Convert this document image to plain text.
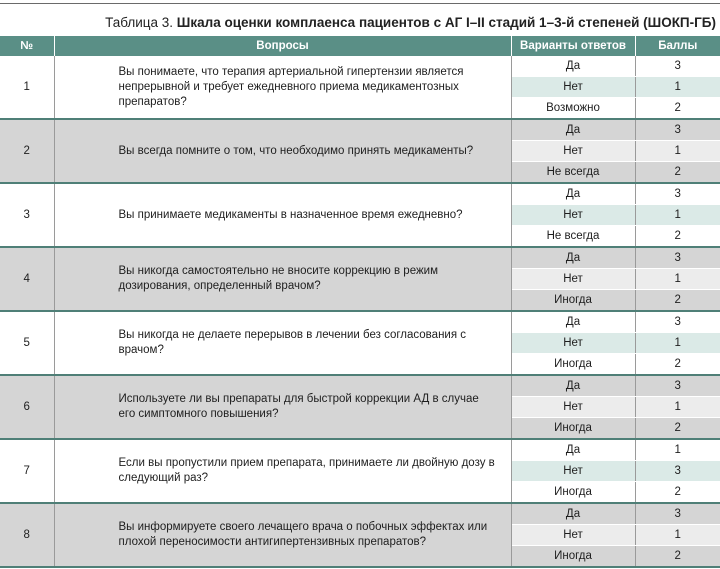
Таблица 3. Шкала оценки комплаенса пациентов с АГ I–II стадий 1–3-й степеней (ШОКП-ГБ)
№	Вопросы	Варианты ответов	Баллы
1	Вы понимаете, что терапия артериальной гипертензии является непрерывной и требует ежедневного приема медикаментозных препаратов?	Да	3
		Нет	1
		Возможно	2
2	Вы всегда помните о том, что необходимо принять медикаменты?	Да	3
		Нет	1
		Не всегда	2
3	Вы принимаете медикаменты в назначенное время ежедневно?	Да	3
		Нет	1
		Не всегда	2
4	Вы никогда самостоятельно не вносите коррекцию в режим дозирования, определенный врачом?	Да	3
		Нет	1
		Иногда	2
5	Вы никогда не делаете перерывов в лечении без согласования с врачом?	Да	3
		Нет	1
		Иногда	2
6	Используете ли вы препараты для быстрой коррекции АД в случае его симптомного повышения?	Да	3
		Нет	1
		Иногда	2
7	Если вы пропустили прием препарата, принимаете ли двойную дозу в следующий раз?	Да	1
		Нет	3
		Иногда	2
8	Вы информируете своего лечащего врача о побочных эффектах или плохой переносимости антигипертензивных препаратов?	Да	3
		Нет	1
		Иногда	2
